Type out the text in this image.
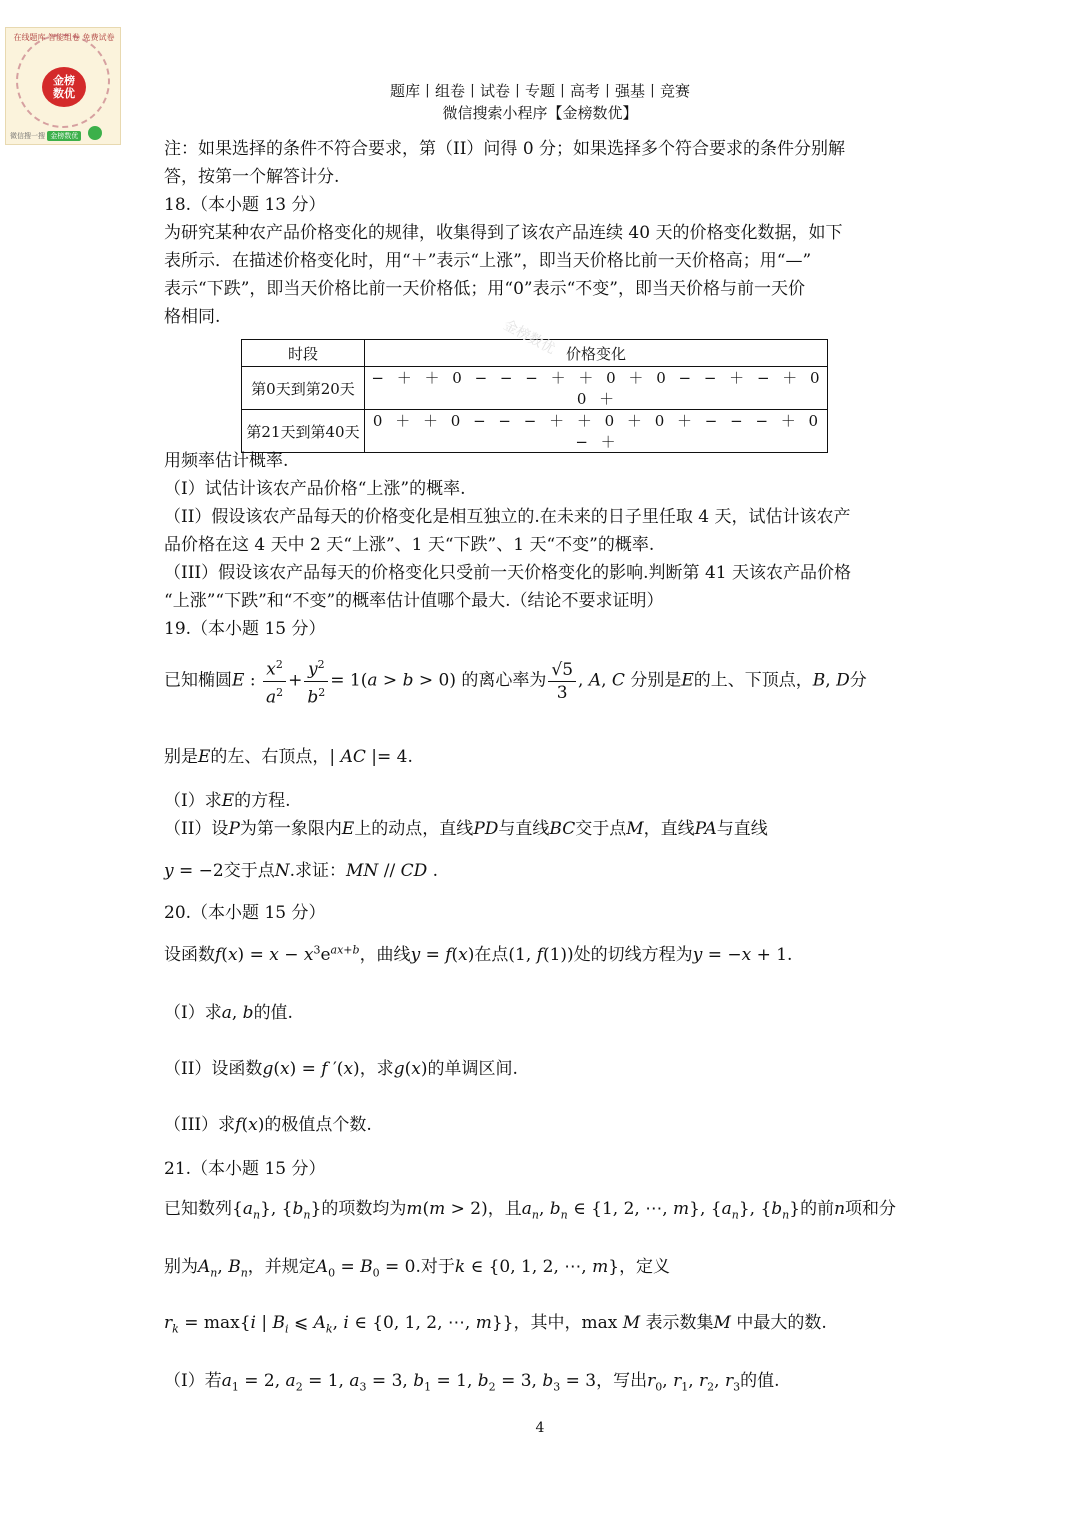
在线题库 智能组卷 免费试卷
金榜
数优
微信搜一搜 金榜数优
题库丨组卷丨试卷丨专题丨高考丨强基丨竞赛
微信搜索小程序【金榜数优】
注：如果选择的条件不符合要求，第（II）问得 0 分；如果选择多个符合要求的条件分别解
答，按第一个解答计分.
18.（本小题 13 分）
为研究某种农产品价格变化的规律，收集得到了该农产品连续 40 天的价格变化数据，如下
表所示．在描述价格变化时，用“＋”表示“上涨”，即当天价格比前一天价格高；用“—”
表示“下跌”，即当天价格比前一天价格低；用“0”表示“不变”，即当天价格与前一天价
格相同.
时段	价格变化
第0天到第20天	− ＋ ＋ 0 − − − ＋ ＋ 0 ＋ 0 − − ＋ − ＋ 0 0 ＋
第21天到第40天	0 ＋ ＋ 0 − − − ＋ ＋ 0 ＋ 0 ＋ − − − ＋ 0 − ＋
金榜数优
用频率估计概率.
（I）试估计该农产品价格“上涨”的概率.
（II）假设该农产品每天的价格变化是相互独立的.在未来的日子里任取 4 天，试估计该农产
品价格在这 4 天中 2 天“上涨”、1 天“下跌”、1 天“不变”的概率.
（III）假设该农产品每天的价格变化只受前一天价格变化的影响.判断第 41 天该农产品价格
“上涨”“下跌”和“不变”的概率估计值哪个最大.（结论不要求证明）
19.（本小题 15 分）
已知椭圆E : $\frac{x^2}{a^2} + \frac{y^2}{b^2} = 1(a > b > 0)$ 的离心率为 $\frac{√5}{3}$ , A, C 分别是E的上、下顶点，B, D分
别是E的左、右顶点，| AC |= 4.
（I）求E的方程.
（II）设P为第一象限内E上的动点，直线PD与直线BC交于点M，直线PA与直线
y = −2交于点N.求证：MN // CD .
20.（本小题 15 分）
设函数$f(x) = x - x^3e^{ax+b}$，曲线y = f(x)在点(1, f(1))处的切线方程为y = −x + 1.
（I）求a, b的值.
（II）设函数g(x) = f ′(x)，求g(x)的单调区间.
（III）求f(x)的极值点个数.
21.（本小题 15 分）
已知数列$\{a_n\}$, $\{b_n\}$的项数均为m(m > 2)，且$a_n$, $b_n$ ∈ {1, 2, ⋯, m}, $\{a_n\}$, $\{b_n\}$的前n项和分
别为$A_n$, $B_n$，并规定$A_0 = B_0 = 0$.对于k ∈ {0, 1, 2, ⋯, m}，定义
$r_k = \max\{i$ | $B_i$ ⩽ $A_k$, i ∈ {0, 1, 2, ⋯, m}}，其中，max M 表示数集M 中最大的数.
（I）若$a_1 = 2$, $a_2 = 1$, $a_3 = 3$, $b_1 = 1$, $b_2 = 3$, $b_3 = 3$，写出$r_0$, $r_1$, $r_2$, $r_3$的值.
4
